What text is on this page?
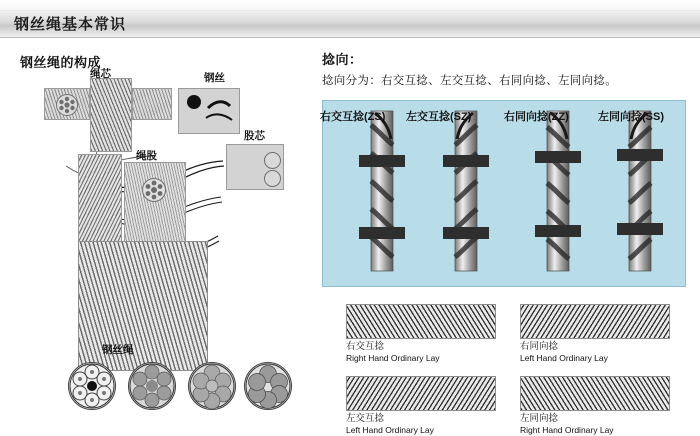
钢丝绳基本常识
钢丝绳的构成	捻向：
捻向分为：右交互捻、左交互捻、右同向捻、左同向捻。
绳芯	钢丝
股芯
绳股
钢丝绳
右交互捻(ZS) 左交互捻(SZ)	右同向捻(ZZ)	左同向捻(SS)
右交互捻
Right Hand Ordinary Lay
右同向捻
Left Hand Ordinary Lay
左交互捻
Left Hand Ordinary Lay
左同向捻
Right Hand Ordinary Lay
